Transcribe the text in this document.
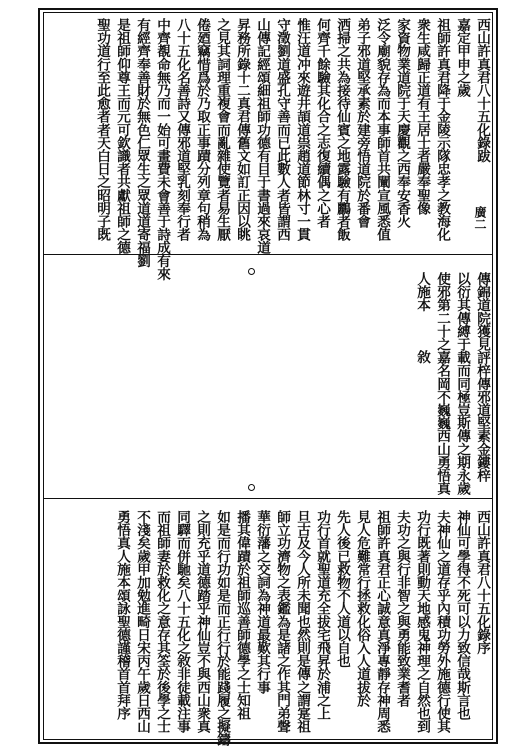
西山許真君八十五化錄跋
廣二
嘉定甲申之歲
祖師許真君降于金陵示隊忠孝之教海化
衆生咸歸正道有王居士者嚴奉聖像
家資物業道院于天慶觀之西奉安香火
泛令廟貌存為而本事師首共闡宣風悉值
弟子邪道堅承素於建旁悟道院於番會
洒掃之共為接待仙賓之地露驗有鸝者飯
何齊千餘驗其化合之志復續偶之心者
惟汪道冲來遊井頡道祟趙道節林寸一貫
守澂劉道盛孔守善而已此數人者皆謂西
山傳記經頌細祖師功德有目于書過來哀道
昇務所錄十二真君傳舊文如訂正因以眺
之見其詞理重複會而亂雜使覽者易生厭
倦廼竊惜爲於乃取正事蹟分列章句稍為
八十五化名善詩又傳邪道堅乳刻奉行者
中齊覩命無乃而一始可畫費未會善于詩成有來
有經齊奉善財於無色仁眾生之眾道道寄福劉
是祖師仰尊王而元可欽識者共獻祖師之德
聖功道行至此愈者者天白日之昭明子既
傳錦道院獲見評梓傳邪道堅素金鏤梓
以衍其傳縛于載而同極豈斯傳之期永歲
使邪第二十之嘉名岡不巍巍西山勇悟真
人施本
敘
西山許真君八十五化錄序
神仙可學得不死可以力致信哉斯言也
夫神仙之道存乎內積功勞外施德行使其
功行既著則動天地感鬼神理之自然也到
夫功之與行非智之與勇能致業耆者
祖師許真君正心誠意真淨專靜存神周悉
見人危難常行拯救化俗入人道拔於
先人後已救物不人道以自也
功行首就聖道充全拔宅飛昇於浦之上
旦古及今人所未聞也然則是傳之謂寔祖
師立功濟物之表鑑為是諸之作其門弟聲
華衍藩之交詞為神道最歎其行事
播其偉蹟於祖師巡善師德學之士知祖
如是而行功如是而正行行於能踐履之擬鑄
之則充乎道德踏乎神仙豈不與西山衆真
同驛而併馳矣八十五化之敘非徒載注事
而祖師妻於救化之意存其筌於後學之士
不淺矣歲甲加勉進畸日宋丙午歲日西山
勇悟真人施本頌詠聖德謹稽首首拜序
